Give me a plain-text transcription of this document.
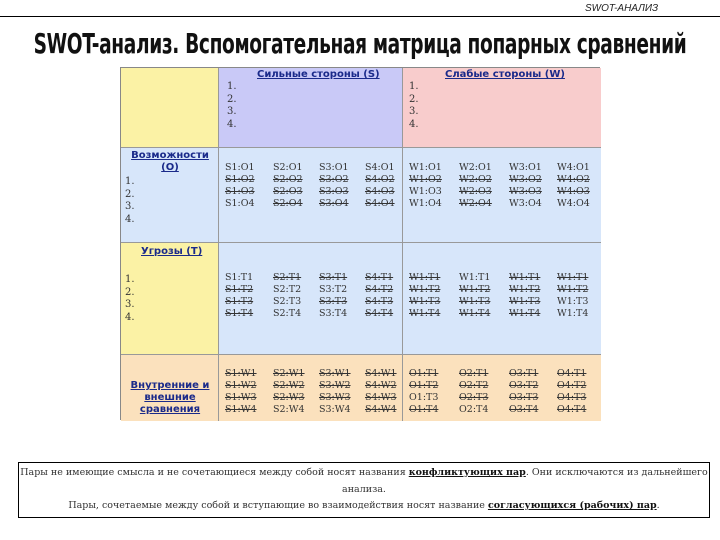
SWOT-АНАЛИЗ
SWOT-анализ. Вспомогательная матрица попарных сравнений
Сильные стороны (S)
1.
2.
3.
4.
Слабые стороны (W)
1.
2.
3.
4.
Возможности
(O)
1.
2.
3.
4.
S1:O1	S2:O1	S3:O1	S4:O1
S1:O2	S2:O2	S3:O2	S4:O2
S1:O3	S2:O3	S3:O3	S4:O3
S1:O4	S2:O4	S3:O4	S4:O4
W1:O1	W2:O1	W3:O1	W4:O1
W1:O2	W2:O2	W3:O2	W4:O2
W1:O3	W2:O3	W3:O3	W4:O3
W1:O4	W2:O4	W3:O4	W4:O4
Угрозы (T)
1.
2.
3.
4.
S1:T1	S2:T1	S3:T1	S4:T1
S1:T2	S2:T2	S3:T2	S4:T2
S1:T3	S2:T3	S3:T3	S4:T3
S1:T4	S2:T4	S3:T4	S4:T4
W1:T1	W1:T1	W1:T1	W1:T1
W1:T2	W1:T2	W1:T2	W1:T2
W1:T3	W1:T3	W1:T3	W1:T3
W1:T4	W1:T4	W1:T4	W1:T4
Внутренние и
внешние
сравнения
S1:W1	S2:W1	S3:W1	S4:W1
S1:W2	S2:W2	S3:W2	S4:W2
S1:W3	S2:W3	S3:W3	S4:W3
S1:W4	S2:W4	S3:W4	S4:W4
O1:T1	O2:T1	O3:T1	O4:T1
O1:T2	O2:T2	O3:T2	O4:T2
O1:T3	O2:T3	O3:T3	O4:T3
O1:T4	O2:T4	O3:T4	O4:T4
Пары не имеющие смысла и не сочетающиеся между собой носят названия конфликтующих пар. Они исключаются из дальнейшего
анализа.
Пары, сочетаемые между собой и вступающие во взаимодействия носят название согласующихся (рабочих) пар.
